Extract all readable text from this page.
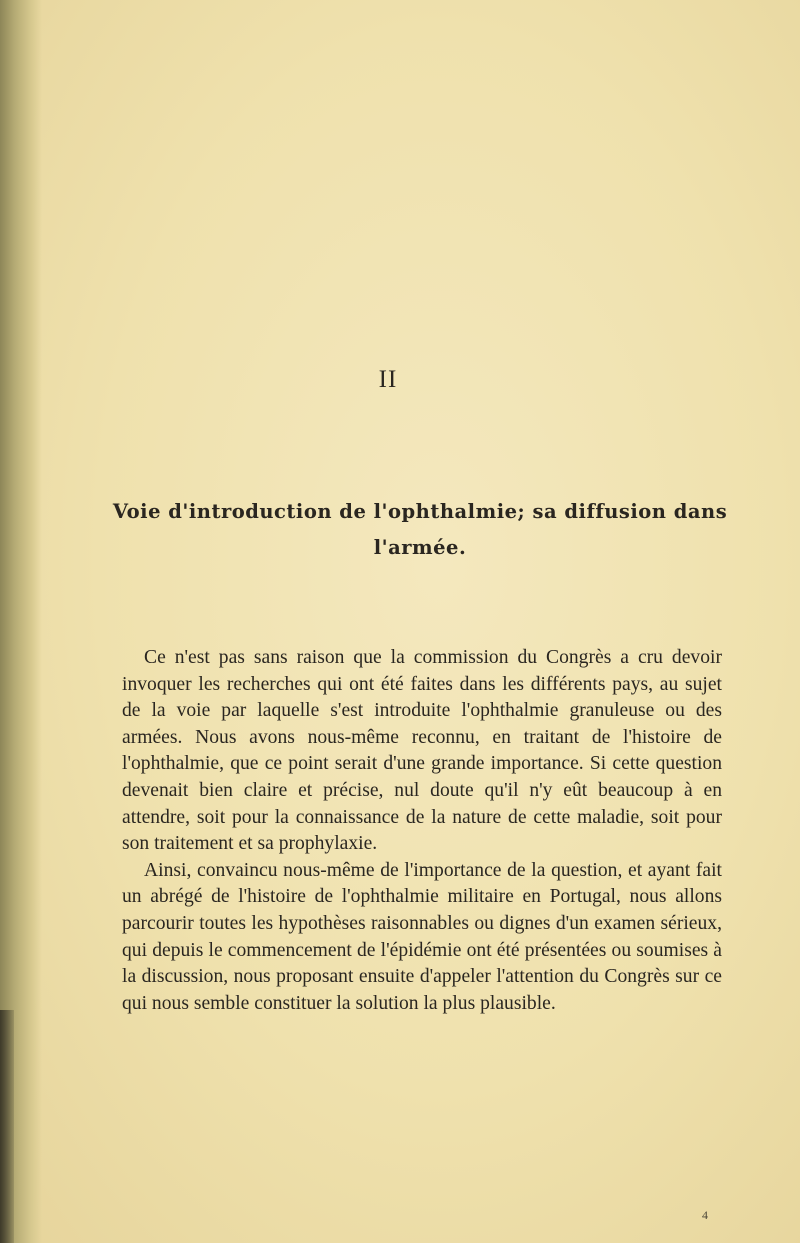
II
Voie d'introduction de l'ophthalmie; sa diffusion dans l'armée.

Ce n'est pas sans raison que la commission du Congrès a cru devoir invoquer les recherches qui ont été faites dans les différents pays, au sujet de la voie par laquelle s'est introduite l'ophthalmie granuleuse ou des armées. Nous avons nous-même reconnu, en traitant de l'histoire de l'ophthalmie, que ce point serait d'une grande importance. Si cette question devenait bien claire et précise, nul doute qu'il n'y eût beaucoup à en attendre, soit pour la connaissance de la nature de cette maladie, soit pour son traitement et sa prophylaxie.

Ainsi, convaincu nous-même de l'importance de la question, et ayant fait un abrégé de l'histoire de l'ophthalmie militaire en Portugal, nous allons parcourir toutes les hypothèses raisonnables ou dignes d'un examen sérieux, qui depuis le commencement de l'épidémie ont été présentées ou soumises à la discussion, nous proposant ensuite d'appeler l'attention du Congrès sur ce qui nous semble constituer la solution la plus plausible.

4
